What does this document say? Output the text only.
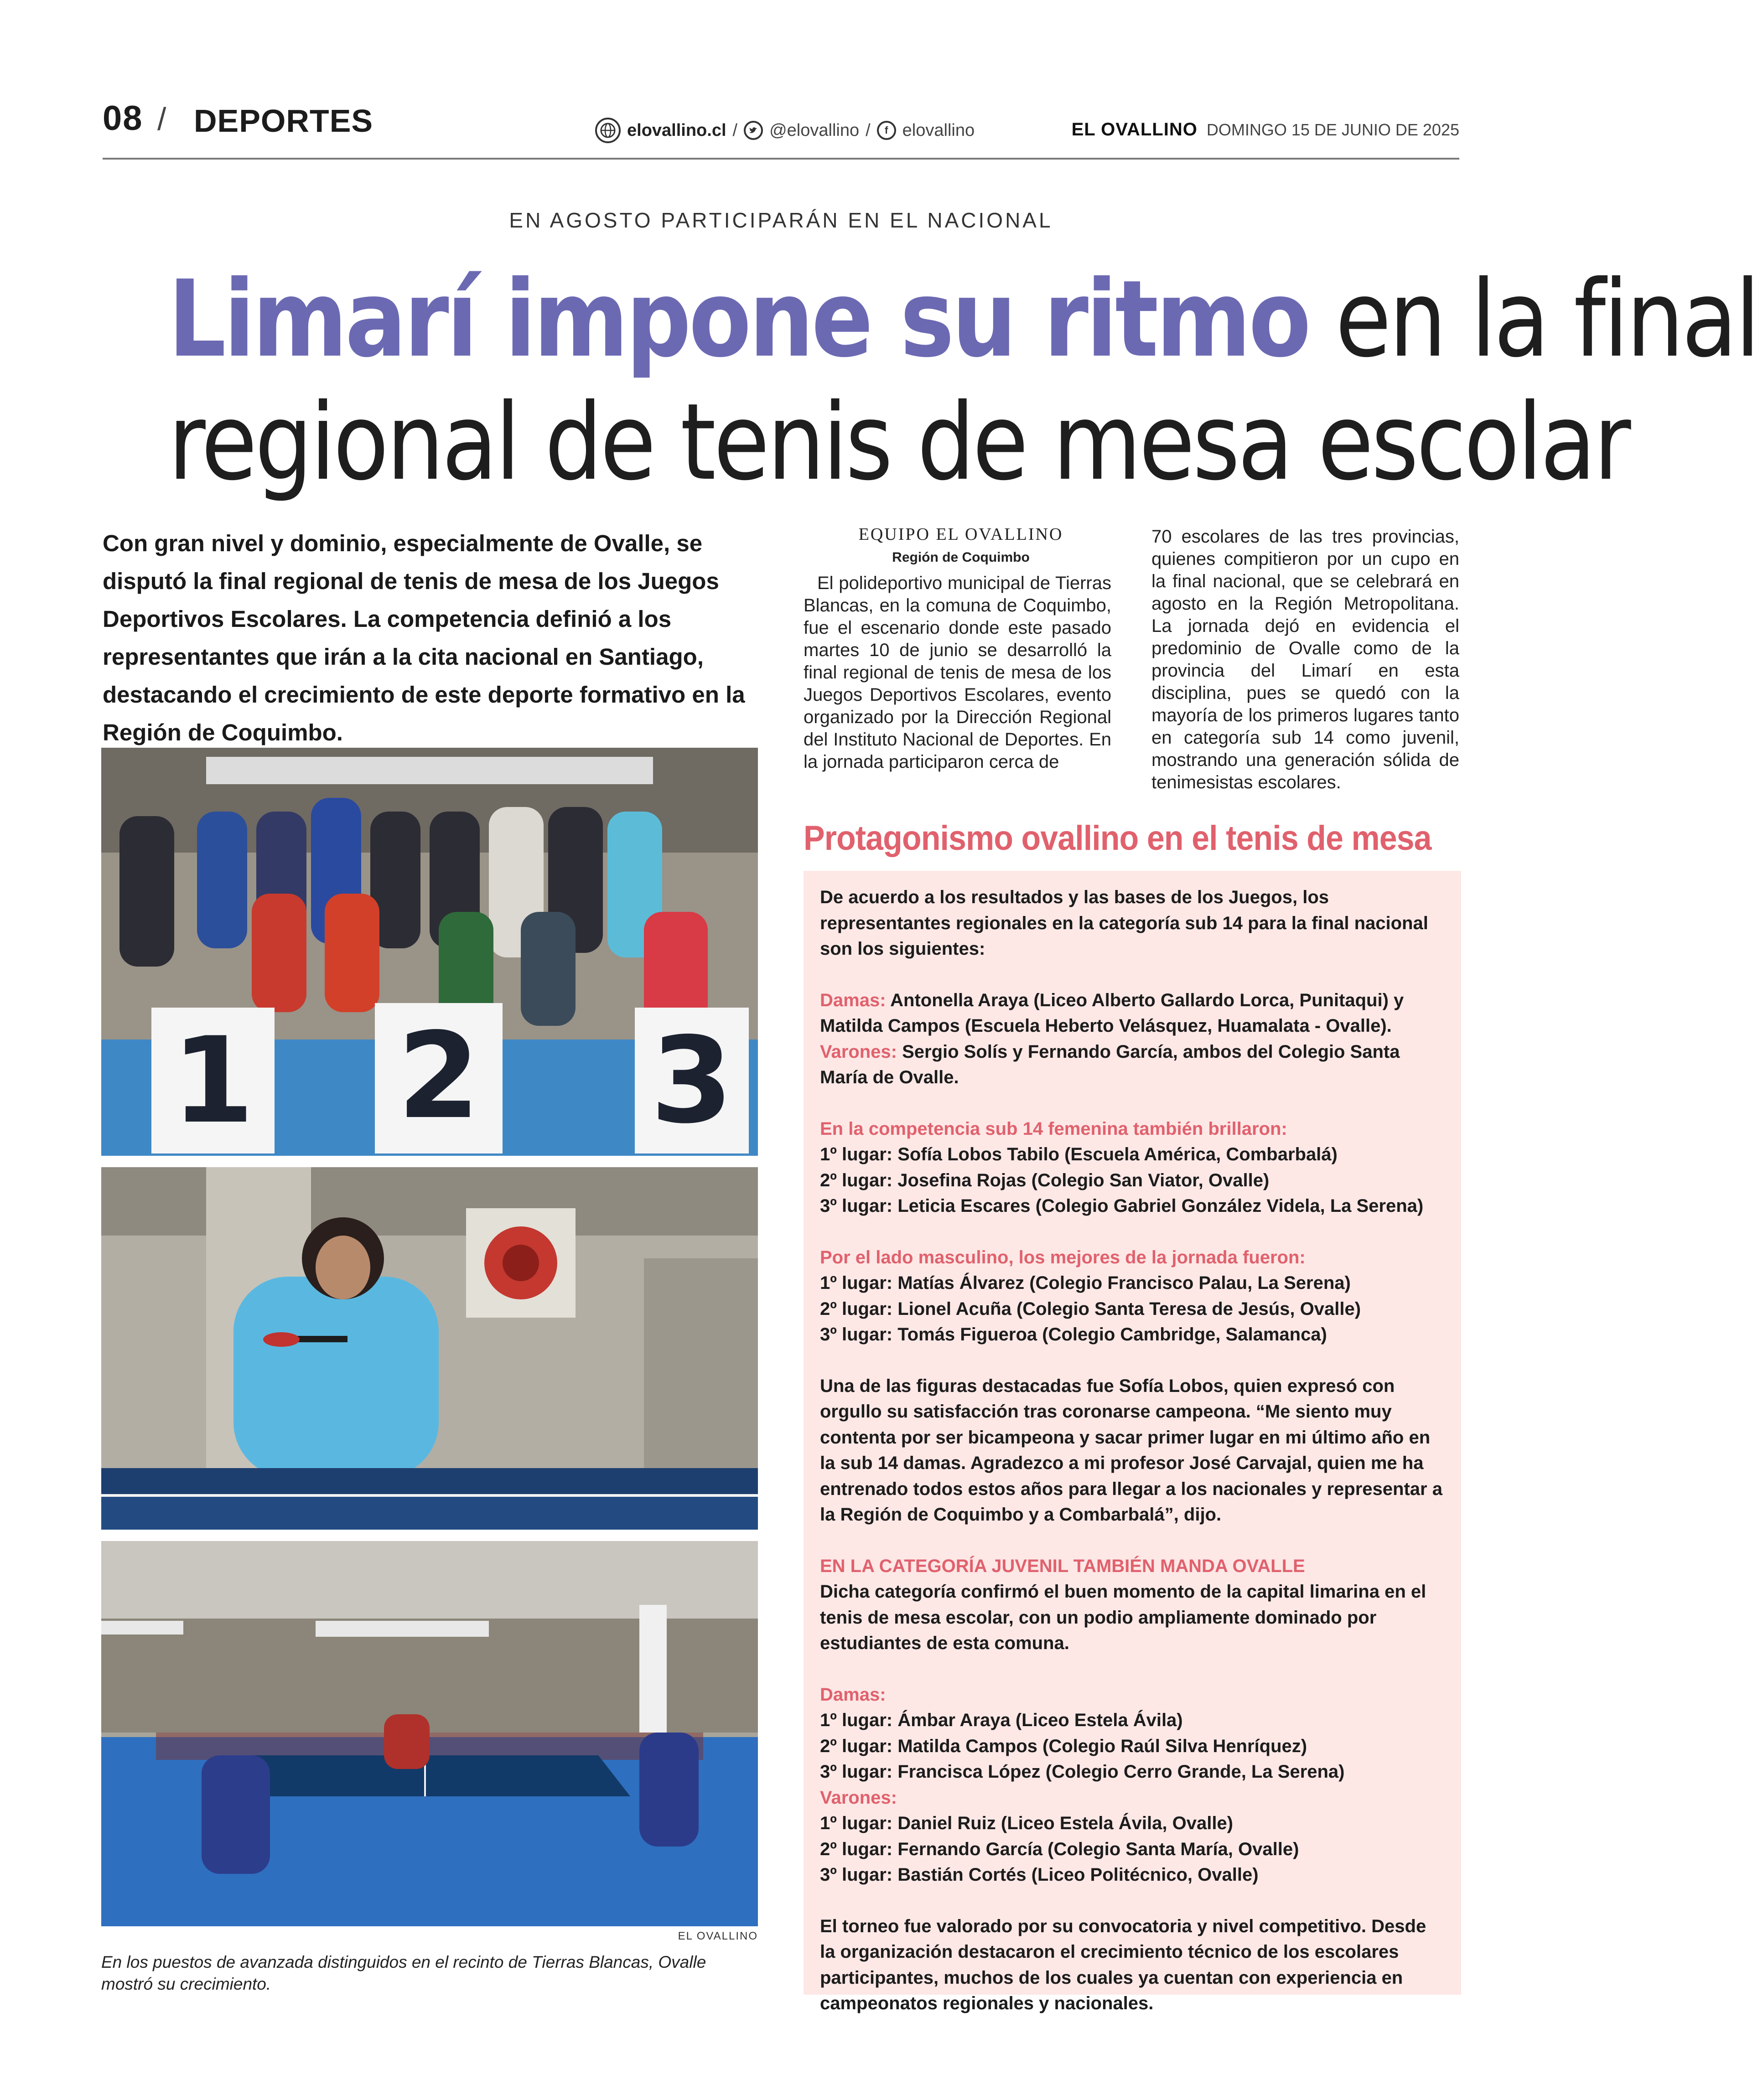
08 / DEPORTES	elovallino.cl / @elovallino /	f elovallino	EL OVALLINO DOMINGO 15 DE JUNIO DE 2025
EN AGOSTO PARTICIPARÁN EN EL NACIONAL
Limarí impone su ritmo en la final
regional de tenis de mesa escolar
Con gran nivel y dominio, especialmente de Ovalle, se disputó la final regional de tenis de mesa de los Juegos Deportivos Escolares. La competencia definió a los representantes que irán a la cita nacional en Santiago, destacando el crecimiento de este deporte formativo en la Región de Coquimbo.
EQUIPO EL OVALLINO
Región de Coquimbo
El polideportivo municipal de Tierras Blancas, en la comuna de Coquimbo, fue el escenario donde este pasado martes 10 de junio se desarrolló la final regional de tenis de mesa de los Juegos Deportivos Escolares, evento organizado por la Dirección Regional del Instituto Nacional de Deportes. En la jornada participaron cerca de
70 escolares de las tres provincias, quienes compitieron por un cupo en la final nacional, que se celebrará en agosto en la Región Metropolitana. La jornada dejó en evidencia el predominio de Ovalle como de la provincia del Limarí en esta disciplina, pues se quedó con la mayoría de los primeros lugares tanto en categoría sub 14 como juvenil, mostrando una generación sólida de tenimesistas escolares.
1 2 3
EL OVALLINO
En los puestos de avanzada distinguidos en el recinto de Tierras Blancas, Ovalle mostró su crecimiento.
Protagonismo ovallino en el tenis de mesa

De acuerdo a los resultados y las bases de los Juegos, los representantes regionales en la categoría sub 14 para la final nacional son los siguientes:

Damas: Antonella Araya (Liceo Alberto Gallardo Lorca, Punitaqui) y Matilda Campos (Escuela Heberto Velásquez, Huamalata - Ovalle).
Varones: Sergio Solís y Fernando García, ambos del Colegio Santa María de Ovalle.

En la competencia sub 14 femenina también brillaron:
1º lugar: Sofía Lobos Tabilo (Escuela América, Combarbalá)
2º lugar: Josefina Rojas (Colegio San Viator, Ovalle)
3º lugar: Leticia Escares (Colegio Gabriel González Videla, La Serena)

Por el lado masculino, los mejores de la jornada fueron:
1º lugar: Matías Álvarez (Colegio Francisco Palau, La Serena)
2º lugar: Lionel Acuña (Colegio Santa Teresa de Jesús, Ovalle)
3º lugar: Tomás Figueroa (Colegio Cambridge, Salamanca)

Una de las figuras destacadas fue Sofía Lobos, quien expresó con orgullo su satisfacción tras coronarse campeona. “Me siento muy contenta por ser bicampeona y sacar primer lugar en mi último año en la sub 14 damas. Agradezco a mi profesor José Carvajal, quien me ha entrenado todos estos años para llegar a los nacionales y representar a la Región de Coquimbo y a Combarbalá”, dijo.

EN LA CATEGORÍA JUVENIL TAMBIÉN MANDA OVALLE
Dicha categoría confirmó el buen momento de la capital limarina en el tenis de mesa escolar, con un podio ampliamente dominado por estudiantes de esta comuna.

Damas:
1º lugar: Ámbar Araya (Liceo Estela Ávila)
2º lugar: Matilda Campos (Colegio Raúl Silva Henríquez)
3º lugar: Francisca López (Colegio Cerro Grande, La Serena)
Varones:
1º lugar: Daniel Ruiz (Liceo Estela Ávila, Ovalle)
2º lugar: Fernando García (Colegio Santa María, Ovalle)
3º lugar: Bastián Cortés (Liceo Politécnico, Ovalle)

El torneo fue valorado por su convocatoria y nivel competitivo. Desde la organización destacaron el crecimiento técnico de los escolares participantes, muchos de los cuales ya cuentan con experiencia en campeonatos regionales y nacionales.
